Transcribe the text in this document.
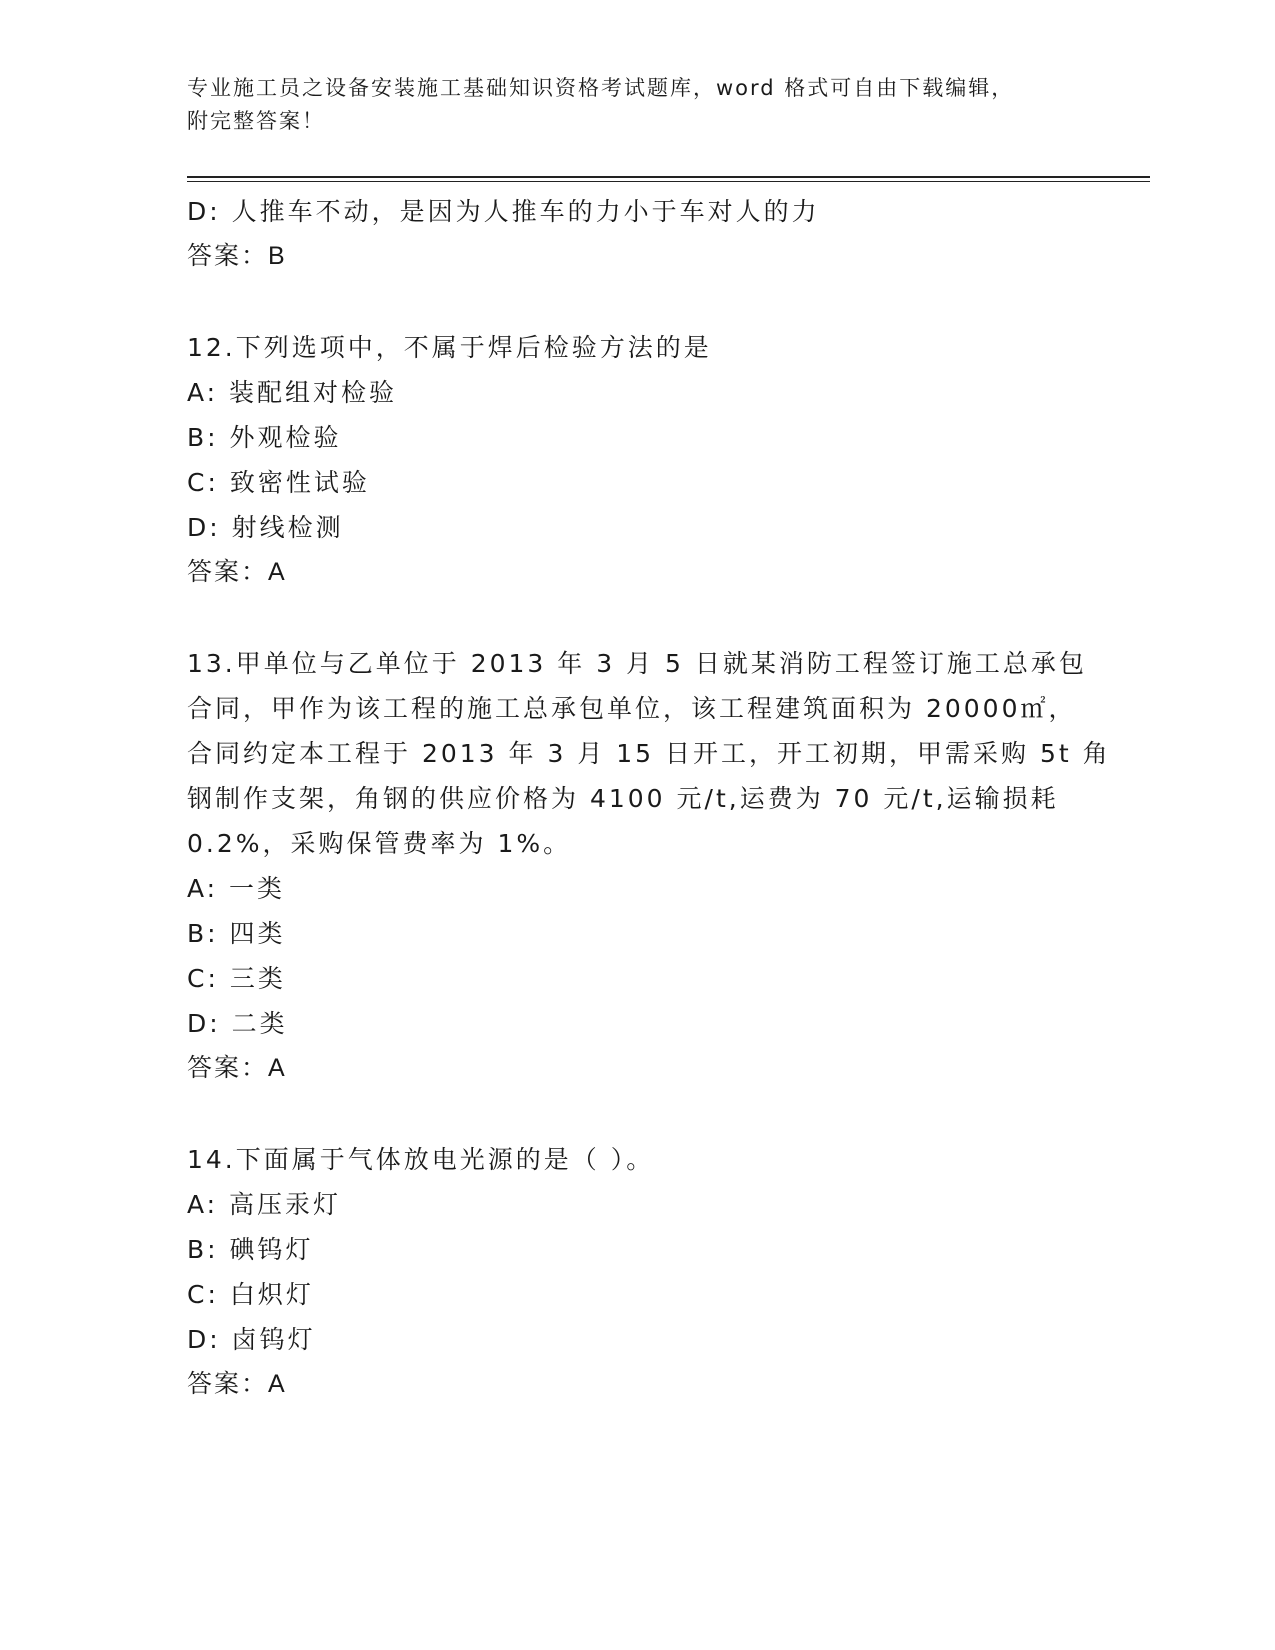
专业施工员之设备安装施工基础知识资格考试题库，word 格式可自由下载编辑，
附完整答案！
D: 人推车不动，是因为人推车的力小于车对人的力
答案：B
12.下列选项中，不属于焊后检验方法的是
A: 装配组对检验
B: 外观检验
C: 致密性试验
D: 射线检测
答案：A
13.甲单位与乙单位于 2013 年 3 月 5 日就某消防工程签订施工总承包
合同，甲作为该工程的施工总承包单位，该工程建筑面积为 20000㎡，
合同约定本工程于 2013 年 3 月 15 日开工，开工初期，甲需采购 5t 角
钢制作支架，角钢的供应价格为 4100 元/t,运费为 70 元/t,运输损耗
0.2%，采购保管费率为 1%。
A: 一类
B: 四类
C: 三类
D: 二类
答案：A
14.下面属于气体放电光源的是（ ）。
A: 高压汞灯
B: 碘钨灯
C: 白炽灯
D: 卤钨灯
答案：A
